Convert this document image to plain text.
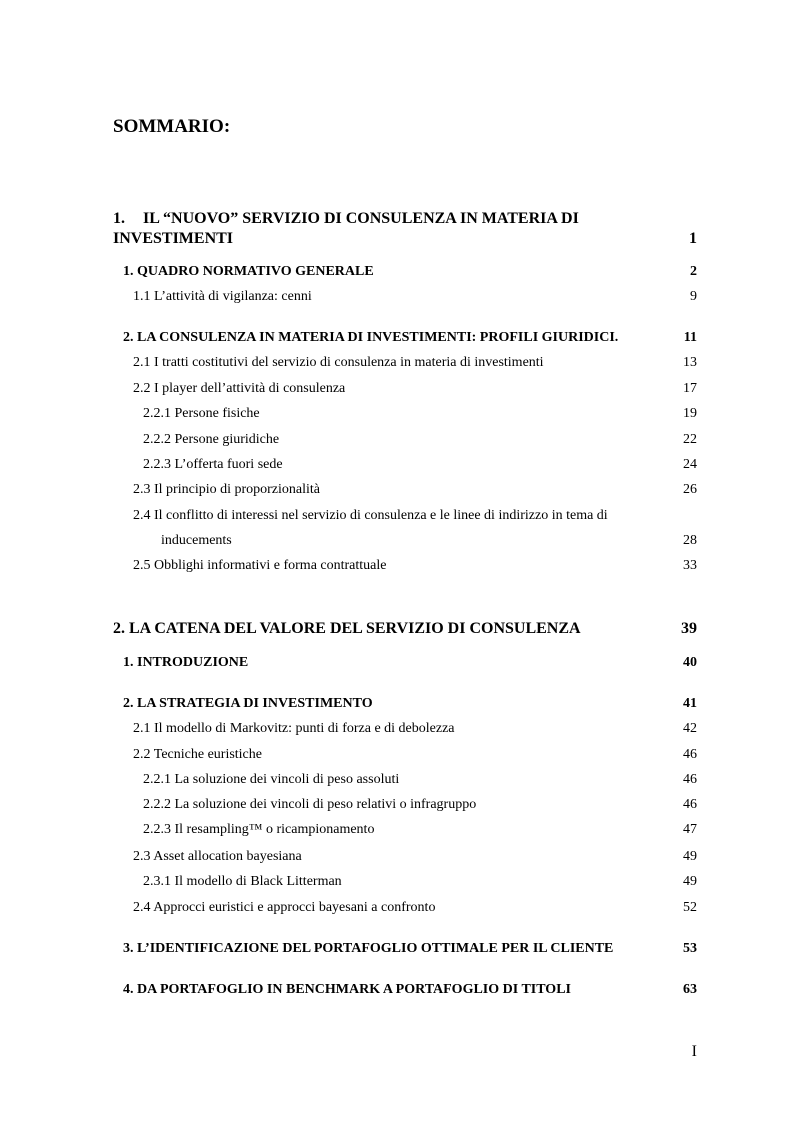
SOMMARIO:
1. IL “NUOVO” SERVIZIO DI CONSULENZA IN MATERIA DI
INVESTIMENTI	1
1. QUADRO NORMATIVO GENERALE	2
1.1 L’attività di vigilanza: cenni	9
2. LA CONSULENZA IN MATERIA DI INVESTIMENTI: PROFILI GIURIDICI.	11
2.1 I tratti costitutivi del servizio di consulenza in materia di investimenti	13
2.2 I player dell’attività di consulenza	17
2.2.1 Persone fisiche	19
2.2.2 Persone giuridiche	22
2.2.3 L’offerta fuori sede	24
2.3 Il principio di proporzionalità	26
2.4 Il conflitto di interessi nel servizio di consulenza e le linee di indirizzo in tema di
inducements	28
2.5 Obblighi informativi e forma contrattuale	33
2. LA CATENA DEL VALORE DEL SERVIZIO DI CONSULENZA	39
1. INTRODUZIONE	40
2. LA STRATEGIA DI INVESTIMENTO	41
2.1 Il modello di Markovitz: punti di forza e di debolezza	42
2.2 Tecniche euristiche	46
2.2.1 La soluzione dei vincoli di peso assoluti	46
2.2.2 La soluzione dei vincoli di peso relativi o infragruppo	46
2.2.3 Il resampling™ o ricampionamento	47
2.3 Asset allocation bayesiana	49
2.3.1 Il modello di Black Litterman	49
2.4 Approcci euristici e approcci bayesani a confronto	52
3. L’IDENTIFICAZIONE DEL PORTAFOGLIO OTTIMALE PER IL CLIENTE	53
4. DA PORTAFOGLIO IN BENCHMARK A PORTAFOGLIO DI TITOLI	63
I
